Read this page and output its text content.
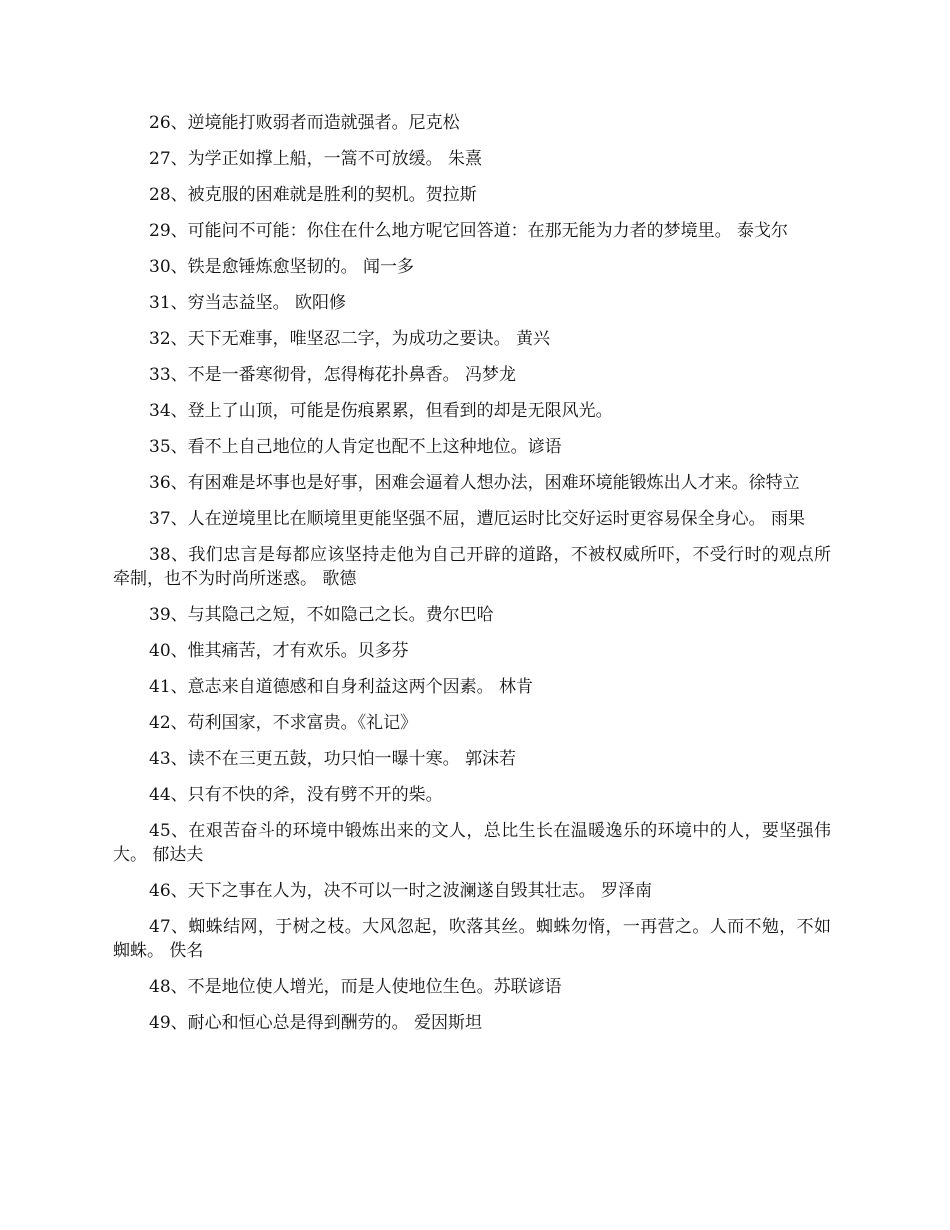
26、逆境能打败弱者而造就强者。尼克松

27、为学正如撑上船，一篙不可放缓。 朱熹

28、被克服的困难就是胜利的契机。贺拉斯

29、可能问不可能：你住在什么地方呢它回答道：在那无能为力者的梦境里。 泰戈尔

30、铁是愈锤炼愈坚韧的。 闻一多

31、穷当志益坚。 欧阳修

32、天下无难事，唯坚忍二字，为成功之要诀。 黄兴

33、不是一番寒彻骨，怎得梅花扑鼻香。 冯梦龙

34、登上了山顶，可能是伤痕累累，但看到的却是无限风光。

35、看不上自己地位的人肯定也配不上这种地位。谚语

36、有困难是坏事也是好事，困难会逼着人想办法，困难环境能锻炼出人才来。徐特立

37、人在逆境里比在顺境里更能坚强不屈，遭厄运时比交好运时更容易保全身心。 雨果

38、我们忠言是每都应该坚持走他为自己开辟的道路，不被权威所吓，不受行时的观点所牵制，也不为时尚所迷惑。 歌德

39、与其隐己之短，不如隐己之长。费尔巴哈

40、惟其痛苦，才有欢乐。贝多芬

41、意志来自道德感和自身利益这两个因素。 林肯

42、苟利国家，不求富贵。《礼记》

43、读不在三更五鼓，功只怕一曝十寒。 郭沫若

44、只有不快的斧，没有劈不开的柴。

45、在艰苦奋斗的环境中锻炼出来的文人，总比生长在温暖逸乐的环境中的人，要坚强伟大。 郁达夫

46、天下之事在人为，决不可以一时之波澜遂自毁其壮志。 罗泽南

47、蜘蛛结网，于树之枝。大风忽起，吹落其丝。蜘蛛勿惰，一再营之。人而不勉，不如蜘蛛。 佚名

48、不是地位使人增光，而是人使地位生色。苏联谚语

49、耐心和恒心总是得到酬劳的。 爱因斯坦
